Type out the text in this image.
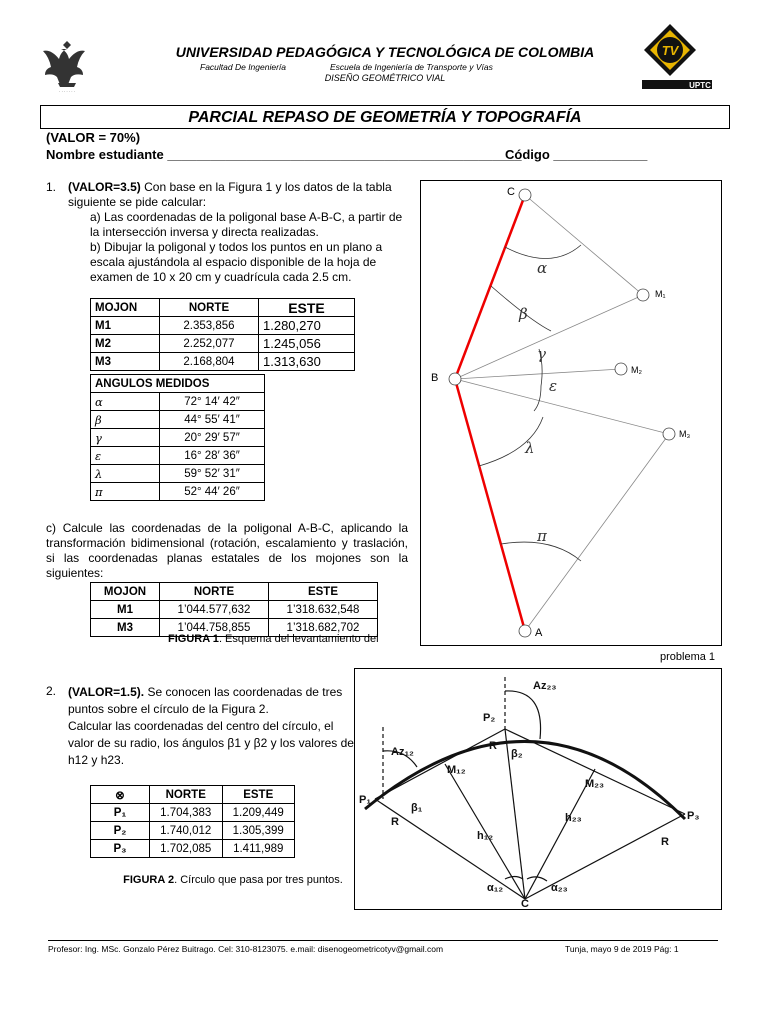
· · · · · · ·
UNIVERSIDAD PEDAGÓGICA Y TECNOLÓGICA DE COLOMBIA
Facultad De Ingeniería	Escuela de Ingeniería de Transporte y Vías
DISEÑO GEOMÉTRICO VIAL
TV
UPTC
PARCIAL REPASO DE GEOMETRÍA Y TOPOGRAFÍA
(VALOR = 70%)
Nombre estudiante _________________________________________________
Código _____________
1. (VALOR=3.5) Con base en la Figura 1 y los datos de la tabla siguiente se pide calcular:
a) Las coordenadas de la poligonal base A-B-C, a partir de la intersección inversa y directa realizadas.
b) Dibujar la poligonal y todos los puntos en un plano a escala ajustándola al espacio disponible de la hoja de examen de 10 x 20 cm y cuadrícula cada 2.5 cm.
MOJON	NORTE	ESTE
M1	2.353,856	1.280,270
M2	2.252,077	1.245,056
M3	2.168,804	1.313,630
ANGULOS MEDIDOS	
α	72° 14′ 42″
β	44° 55′ 41″
γ	20° 29′ 57″
ε	16° 28′ 36″
λ	59° 52′ 31″
π	52° 44′ 26″
c) Calcule las coordenadas de la poligonal A-B-C, aplicando la transformación bidimensional (rotación, escalamiento y traslación, si las coordenadas planas estatales de los mojones son la siguientes:
MOJON	NORTE	ESTE
M1	1’044.577,632	1’318.632,548
M3	1’044.758,855	1’318.682,702
FIGURA 1. Esquema del levantamiento del
problema 1
C
B
A
M₁
M₂
M₃
α
β
γ
ε
λ
π
2. (VALOR=1.5). Se conocen las coordenadas de tres puntos sobre el círculo de la Figura 2.
Calcular las coordenadas del centro del círculo, el valor de su radio, los ángulos β1 y β2 y los valores de h12 y h23.
⊗	NORTE	ESTE
P₁	1.704,383	1.209,449
P₂	1.740,012	1.305,399
P₃	1.702,085	1.411,989
FIGURA 2. Círculo que pasa por tres puntos.
P₁
P₂
P₃
C
Az₁₂
Az₂₃
M₁₂
M₂₃
h₁₂
h₂₃
β₁
β₂
α₁₂	α₂₃
R
R
R
Profesor: Ing. MSc. Gonzalo Pérez Buitrago. Cel: 310-8123075. e.mail: disenogeometricotyv@gmail.com	Tunja, mayo 9 de 2019 Pág: 1
